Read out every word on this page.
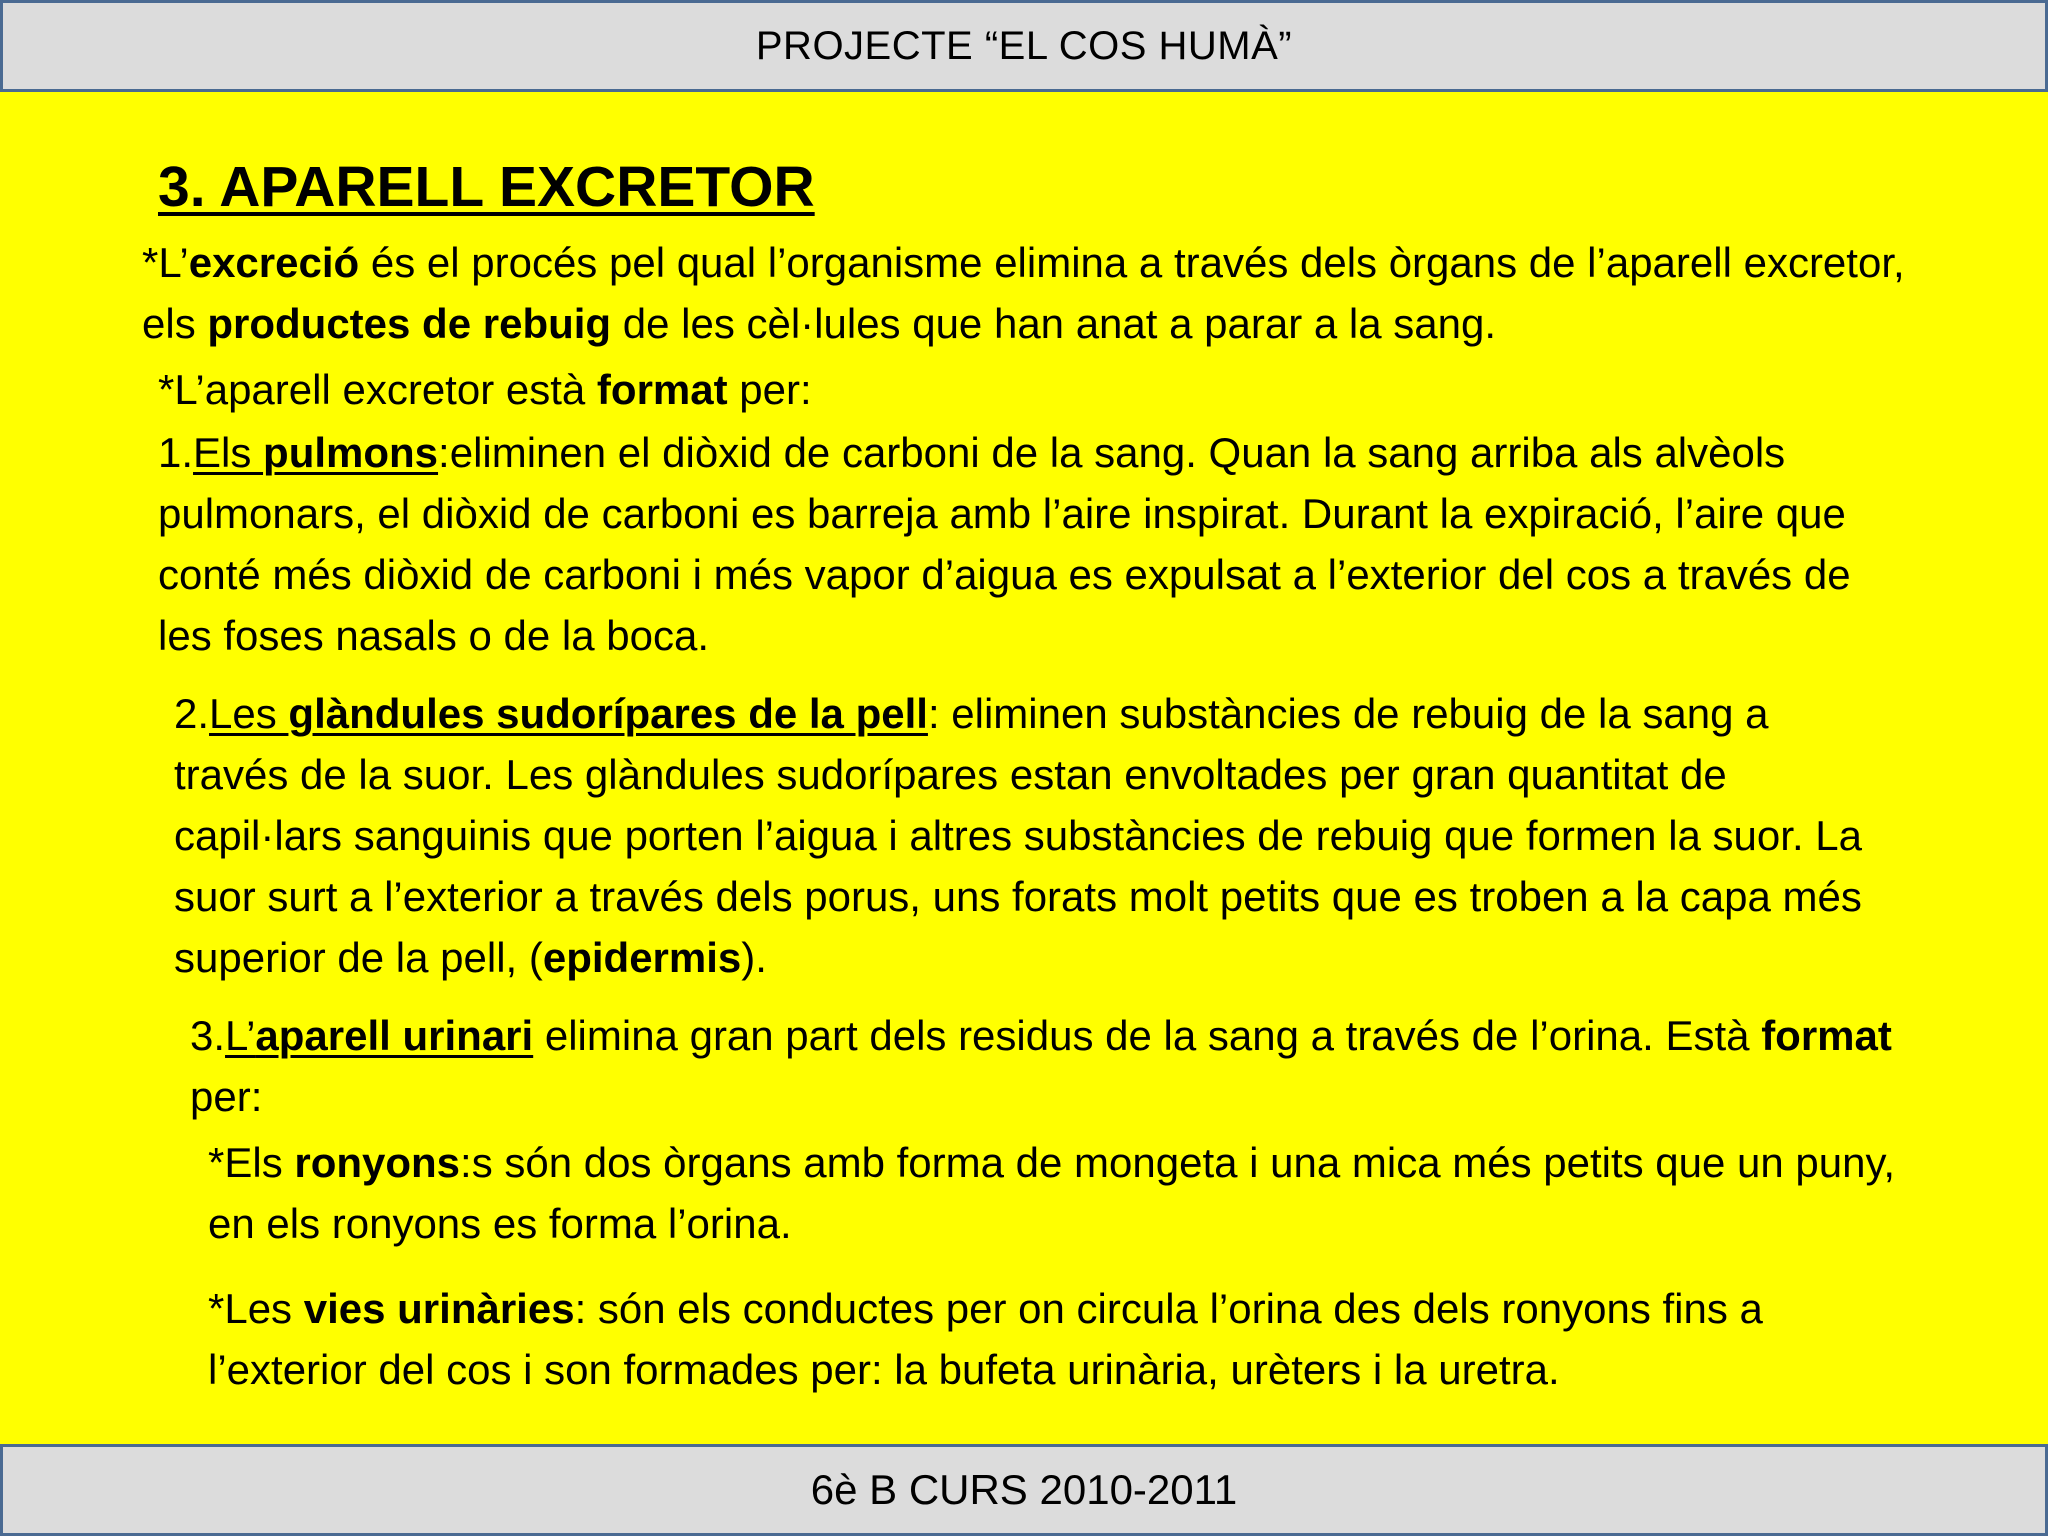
PROJECTE “EL COS HUMÀ”
3. APARELL EXCRETOR

*L’excreció és el procés pel qual l’organisme elimina a través dels òrgans de l’aparell excretor, els productes de rebuig de les cèl·lules que han anat a parar a la sang.

*L’aparell excretor està format per:

1.Els pulmons:eliminen el diòxid de carboni de la sang. Quan la sang arriba als alvèols pulmonars, el diòxid de carboni es barreja amb l’aire inspirat. Durant la expiració, l’aire que conté més diòxid de carboni i més vapor d’aigua es expulsat a l’exterior del cos a través de les foses nasals o de la boca.

2.Les glàndules sudorípares de la pell: eliminen substàncies de rebuig de la sang a través de la suor. Les glàndules sudorípares estan envoltades per gran quantitat de capil·lars sanguinis que porten l’aigua i altres substàncies de rebuig que formen la suor. La suor surt a l’exterior a través dels porus, uns forats molt petits que es troben a la capa més superior de la pell, (epidermis).

3.L’aparell urinari elimina gran part dels residus de la sang a través de l’orina. Està format per:

*Els ronyons:s són dos òrgans amb forma de mongeta i una mica més petits que un puny, en els ronyons es forma l’orina.

*Les vies urinàries: són els conductes per on circula l’orina des dels ronyons fins a l’exterior del cos i son formades per: la bufeta urinària, urèters i la uretra.

6è B CURS 2010-2011
